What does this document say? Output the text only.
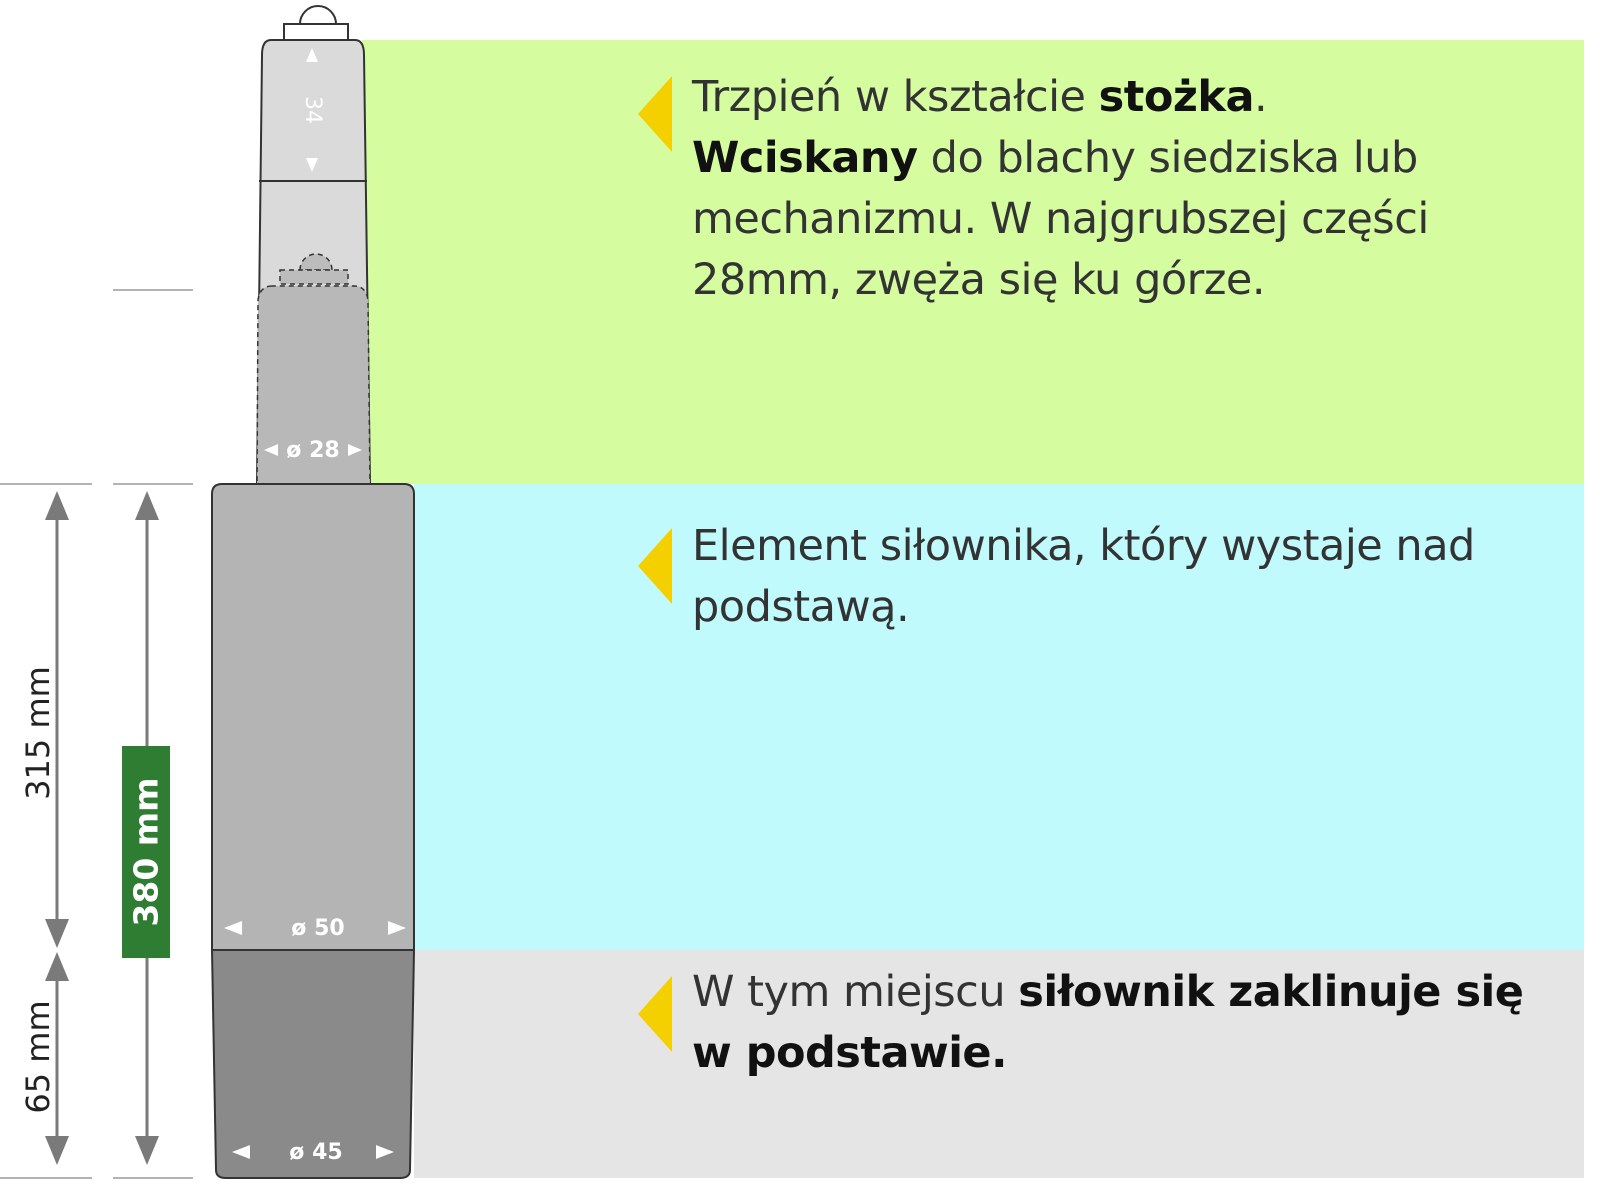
34
ø 28
ø 50
ø 45
315 mm
65 mm
380 mm
Trzpień w kształcie stożka.
Wciskany do blachy siedziska lub mechanizmu. W najgrubszej części 28mm, zwęża się ku górze.
Element siłownika, który wystaje nad podstawą.
W tym miejscu siłownik zaklinuje się w podstawie.
